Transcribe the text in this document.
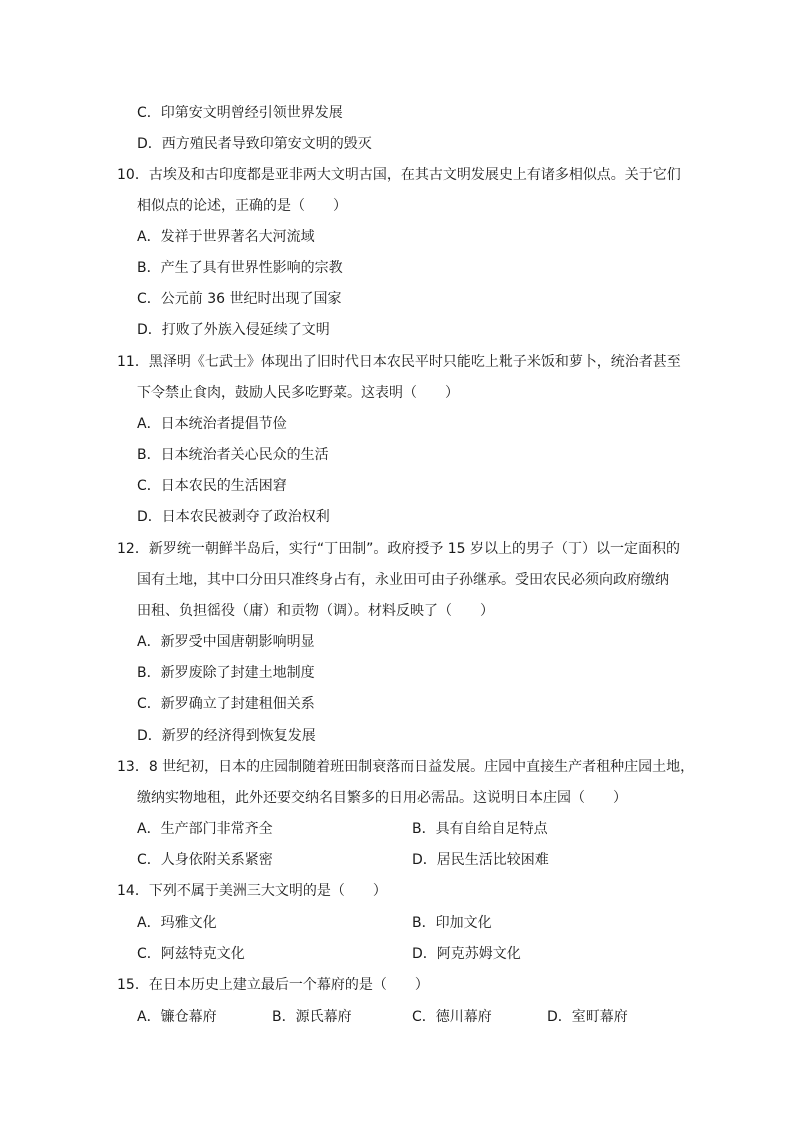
C．印第安文明曾经引领世界发展
D．西方殖民者导致印第安文明的毁灭
10．古埃及和古印度都是亚非两大文明古国，在其古文明发展史上有诸多相似点。关于它们
相似点的论述，正确的是（　　）
A．发祥于世界著名大河流域
B．产生了具有世界性影响的宗教
C．公元前 36 世纪时出现了国家
D．打败了外族入侵延续了文明
11．黑泽明《七武士》体现出了旧时代日本农民平时只能吃上粃子米饭和萝卜，统治者甚至
下令禁止食肉，鼓励人民多吃野菜。这表明（　　）
A．日本统治者提倡节俭
B．日本统治者关心民众的生活
C．日本农民的生活困窘
D．日本农民被剥夺了政治权利
12．新罗统一朝鲜半岛后，实行“丁田制”。政府授予 15 岁以上的男子（丁）以一定面积的
国有土地，其中口分田只准终身占有，永业田可由子孙继承。受田农民必须向政府缴纳
田租、负担徭役（庸）和贡物（调）。材料反映了（　　）
A．新罗受中国唐朝影响明显
B．新罗废除了封建土地制度
C．新罗确立了封建租佃关系
D．新罗的经济得到恢复发展
13．8 世纪初，日本的庄园制随着班田制衰落而日益发展。庄园中直接生产者租种庄园土地，
缴纳实物地租，此外还要交纳名目繁多的日用必需品。这说明日本庄园（　　）
A．生产部门非常齐全	B．具有自给自足特点
C．人身依附关系紧密	D．居民生活比较困难
14．下列不属于美洲三大文明的是（　　）
A．玛雅文化	B．印加文化
C．阿兹特克文化	D．阿克苏姆文化
15．在日本历史上建立最后一个幕府的是（　　）
A．镰仓幕府	B．源氏幕府	C．德川幕府	D．室町幕府
